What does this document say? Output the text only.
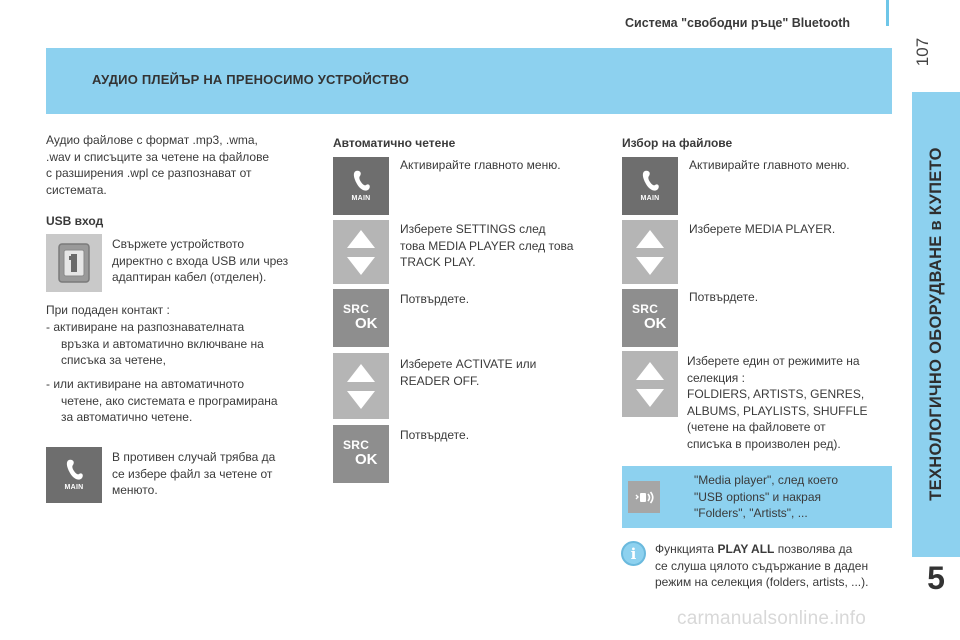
Система "свободни ръце" Bluetooth
107
ТЕХНОЛОГИЧНО ОБОРУДВАНЕ в КУПЕТО
5
АУДИО ПЛЕЙЪР НА ПРЕНОСИМО УСТРОЙСТВО
Аудио файлове с формат .mp3, .wma,
.wav и списъците за четене на файлове
с разширения .wpl се разпознават от
системата.
USB вход
Свържете устройството
директно с входа USB или чрез
адаптиран кабел (отделен).
При подаден контакт :
- активиране на разпознавателната
връзка и автоматично включване на
списъка за четене,
- или активиране на автоматичното
четене, ако системата е програмирана
за автоматично четене.
MAIN
В противен случай трябва да
се избере файл за четене от
менюто.
Автоматично четене
MAIN
Активирайте главното меню.
Изберете SETTINGS след
това MEDIA PLAYER след това
TRACK PLAY.
SRC
OK
Потвърдете.
Изберете ACTIVATE или
READER OFF.
SRC
OK
Потвърдете.
Избор на файлове
MAIN
Активирайте главното меню.
Изберете MEDIA PLAYER.
SRC
OK
Потвърдете.
Изберете един от режимите на
селекция :
FOLDIERS, ARTISTS, GENRES,
ALBUMS, PLAYLISTS, SHUFFLE
(четене на файловете от
списъка в произволен ред).
"Media player", след което
"USB options" и накрая
"Folders", "Artists", ...
i	Функцията PLAY ALL позволява да
се слуша цялото съдържание в даден
режим на селекция (folders, artists, ...).
carmanualsonline.info
